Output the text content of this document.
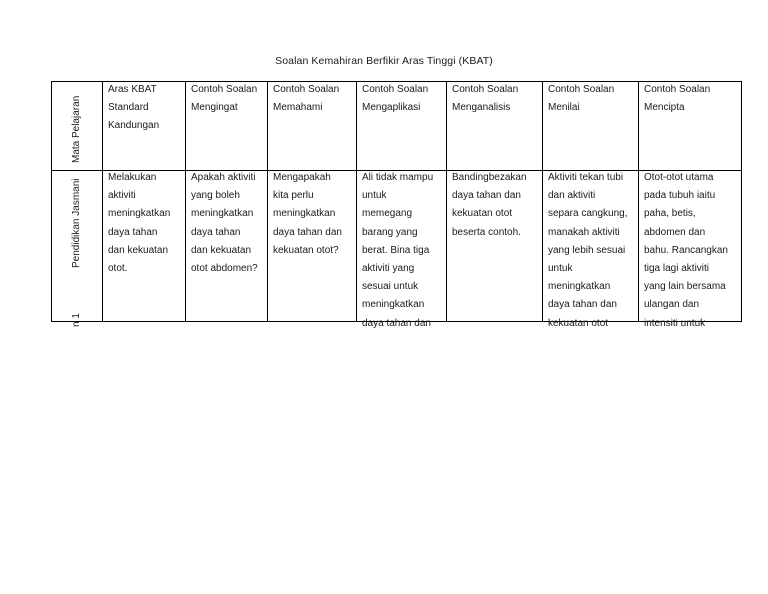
Soalan Kemahiran Berfikir Aras Tinggi (KBAT)
Mata Pelajaran
Pendidikan Jasmani
n 1
Aras KBAT
Standard
Kandungan
Contoh Soalan
Mengingat
Contoh Soalan
Memahami
Contoh Soalan
Mengaplikasi
Contoh Soalan
Menganalisis
Contoh Soalan
Menilai
Contoh Soalan
Mencipta
Melakukan
aktiviti
meningkatkan
daya tahan
dan kekuatan
otot.
Apakah aktiviti
yang boleh
meningkatkan
daya tahan
dan kekuatan
otot abdomen?
Mengapakah
kita perlu
meningkatkan
daya tahan dan
kekuatan otot?
Ali tidak mampu
untuk
memegang
barang yang
berat. Bina tiga
aktiviti yang
sesuai untuk
meningkatkan
daya tahan dan
Bandingbezakan
daya tahan dan
kekuatan otot
beserta contoh.
Aktiviti tekan tubi
dan aktiviti
separa cangkung,
manakah aktiviti
yang lebih sesuai
untuk
meningkatkan
daya tahan dan
kekuatan otot
Otot-otot utama
pada tubuh iaitu
paha, betis,
abdomen dan
bahu. Rancangkan
tiga lagi aktiviti
yang lain bersama
ulangan dan
intensiti untuk
